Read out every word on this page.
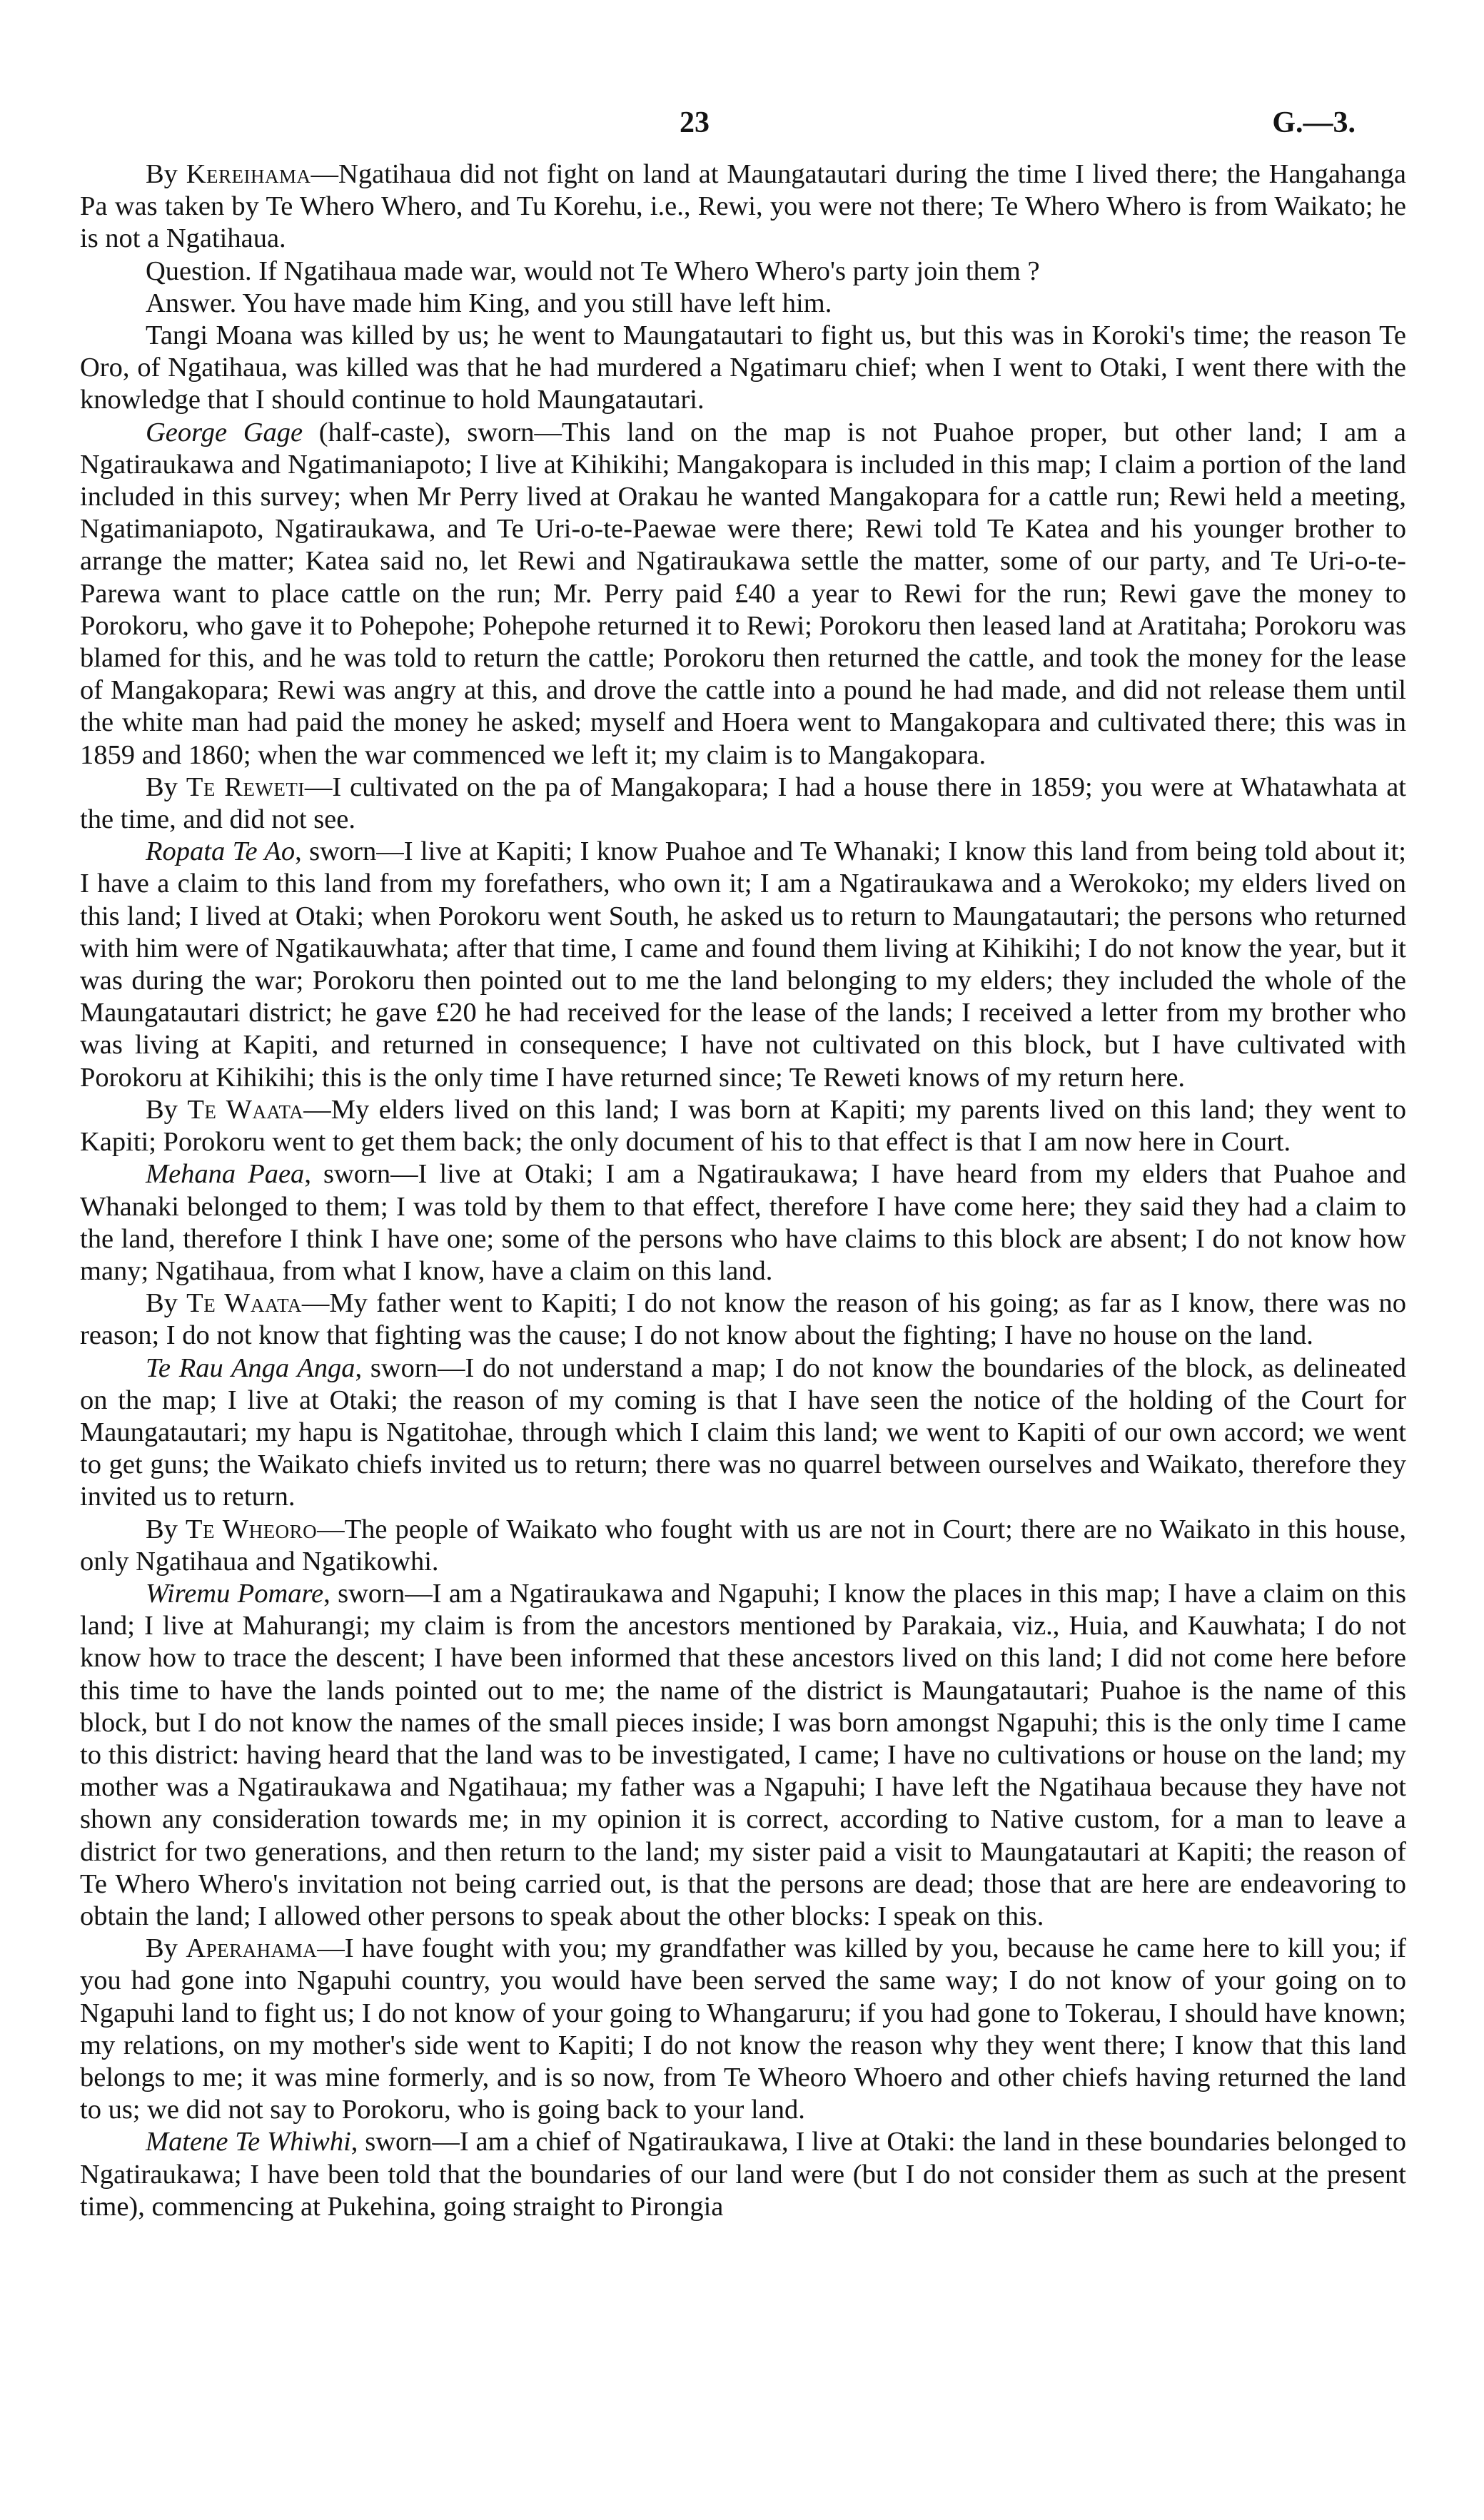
23	G.—3.

By Kereihama—Ngatihaua did not fight on land at Maungatautari during the time I lived there; the Hangahanga Pa was taken by Te Whero Whero, and Tu Korehu, i.e., Rewi, you were not there; Te Whero Whero is from Waikato; he is not a Ngatihaua.

Question. If Ngatihaua made war, would not Te Whero Whero's party join them ?

Answer. You have made him King, and you still have left him.

Tangi Moana was killed by us; he went to Maungatautari to fight us, but this was in Koroki's time; the reason Te Oro, of Ngatihaua, was killed was that he had murdered a Ngatimaru chief; when I went to Otaki, I went there with the knowledge that I should continue to hold Maungatautari.

George Gage (half-caste), sworn—This land on the map is not Puahoe proper, but other land; I am a Ngatiraukawa and Ngatimaniapoto; I live at Kihikihi; Mangakopara is included in this map; I claim a portion of the land included in this survey; when Mr Perry lived at Orakau he wanted Mangakopara for a cattle run; Rewi held a meeting, Ngatimaniapoto, Ngatiraukawa, and Te Uri-o-te-Paewae were there; Rewi told Te Katea and his younger brother to arrange the matter; Katea said no, let Rewi and Ngatiraukawa settle the matter, some of our party, and Te Uri-o-te-Parewa want to place cattle on the run; Mr. Perry paid £40 a year to Rewi for the run; Rewi gave the money to Porokoru, who gave it to Pohepohe; Pohepohe returned it to Rewi; Porokoru then leased land at Aratitaha; Porokoru was blamed for this, and he was told to return the cattle; Porokoru then returned the cattle, and took the money for the lease of Mangakopara; Rewi was angry at this, and drove the cattle into a pound he had made, and did not release them until the white man had paid the money he asked; myself and Hoera went to Mangakopara and cultivated there; this was in 1859 and 1860; when the war commenced we left it; my claim is to Mangakopara.

By Te Reweti—I cultivated on the pa of Mangakopara; I had a house there in 1859; you were at Whatawhata at the time, and did not see.

Ropata Te Ao, sworn—I live at Kapiti; I know Puahoe and Te Whanaki; I know this land from being told about it; I have a claim to this land from my forefathers, who own it; I am a Ngatiraukawa and a Werokoko; my elders lived on this land; I lived at Otaki; when Porokoru went South, he asked us to return to Maungatautari; the persons who returned with him were of Ngatikauwhata; after that time, I came and found them living at Kihikihi; I do not know the year, but it was during the war; Porokoru then pointed out to me the land belonging to my elders; they included the whole of the Maungatautari district; he gave £20 he had received for the lease of the lands; I received a letter from my brother who was living at Kapiti, and returned in consequence; I have not cultivated on this block, but I have cultivated with Porokoru at Kihikihi; this is the only time I have returned since; Te Reweti knows of my return here.

By Te Waata—My elders lived on this land; I was born at Kapiti; my parents lived on this land; they went to Kapiti; Porokoru went to get them back; the only document of his to that effect is that I am now here in Court.

Mehana Paea, sworn—I live at Otaki; I am a Ngatiraukawa; I have heard from my elders that Puahoe and Whanaki belonged to them; I was told by them to that effect, therefore I have come here; they said they had a claim to the land, therefore I think I have one; some of the persons who have claims to this block are absent; I do not know how many; Ngatihaua, from what I know, have a claim on this land.

By Te Waata—My father went to Kapiti; I do not know the reason of his going; as far as I know, there was no reason; I do not know that fighting was the cause; I do not know about the fighting; I have no house on the land.

Te Rau Anga Anga, sworn—I do not understand a map; I do not know the boundaries of the block, as delineated on the map; I live at Otaki; the reason of my coming is that I have seen the notice of the holding of the Court for Maungatautari; my hapu is Ngatitohae, through which I claim this land; we went to Kapiti of our own accord; we went to get guns; the Waikato chiefs invited us to return; there was no quarrel between ourselves and Waikato, therefore they invited us to return.

By Te Wheoro—The people of Waikato who fought with us are not in Court; there are no Waikato in this house, only Ngatihaua and Ngatikowhi.

Wiremu Pomare, sworn—I am a Ngatiraukawa and Ngapuhi; I know the places in this map; I have a claim on this land; I live at Mahurangi; my claim is from the ancestors mentioned by Parakaia, viz., Huia, and Kauwhata; I do not know how to trace the descent; I have been informed that these ancestors lived on this land; I did not come here before this time to have the lands pointed out to me; the name of the district is Maungatautari; Puahoe is the name of this block, but I do not know the names of the small pieces inside; I was born amongst Ngapuhi; this is the only time I came to this district: having heard that the land was to be investigated, I came; I have no cultivations or house on the land; my mother was a Ngatiraukawa and Ngatihaua; my father was a Ngapuhi; I have left the Ngatihaua because they have not shown any consideration towards me; in my opinion it is correct, according to Native custom, for a man to leave a district for two generations, and then return to the land; my sister paid a visit to Maungatautari at Kapiti; the reason of Te Whero Whero's invitation not being carried out, is that the persons are dead; those that are here are endeavoring to obtain the land; I allowed other persons to speak about the other blocks: I speak on this.

By Aperahama—I have fought with you; my grandfather was killed by you, because he came here to kill you; if you had gone into Ngapuhi country, you would have been served the same way; I do not know of your going on to Ngapuhi land to fight us; I do not know of your going to Whangaruru; if you had gone to Tokerau, I should have known; my relations, on my mother's side went to Kapiti; I do not know the reason why they went there; I know that this land belongs to me; it was mine formerly, and is so now, from Te Wheoro Whoero and other chiefs having returned the land to us; we did not say to Porokoru, who is going back to your land.

Matene Te Whiwhi, sworn—I am a chief of Ngatiraukawa, I live at Otaki: the land in these boundaries belonged to Ngatiraukawa; I have been told that the boundaries of our land were (but I do not consider them as such at the present time), commencing at Pukehina, going straight to Pirongia
